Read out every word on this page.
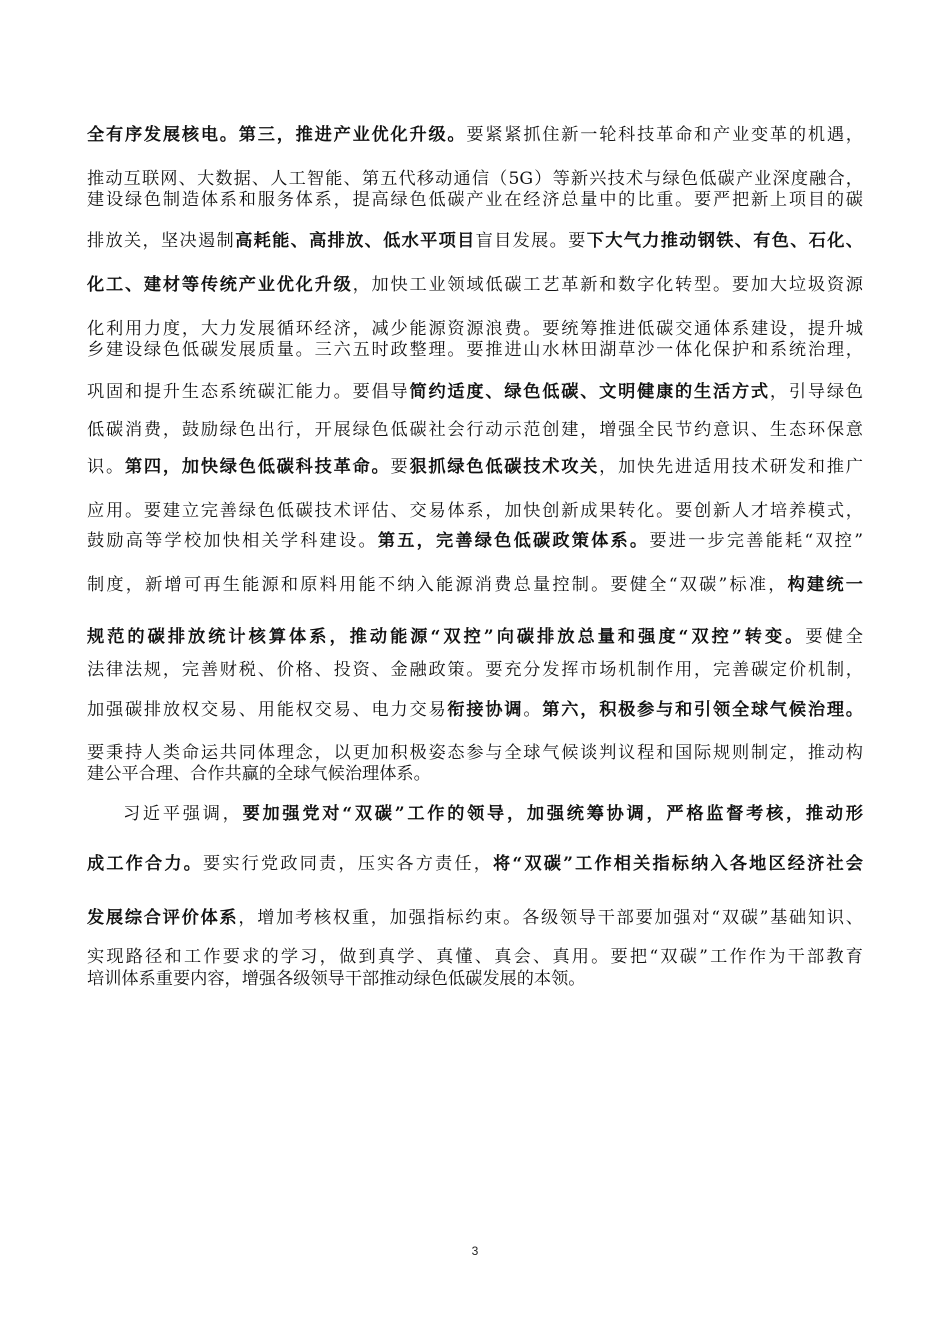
全有序发展核电。第三，推进产业优化升级。要紧紧抓住新一轮科技革命和产业变革的机遇，
推动互联网、大数据、人工智能、第五代移动通信（5G）等新兴技术与绿色低碳产业深度融合，
建设绿色制造体系和服务体系，提高绿色低碳产业在经济总量中的比重。要严把新上项目的碳
排放关，坚决遏制高耗能、高排放、低水平项目盲目发展。要下大气力推动钢铁、有色、石化、
化工、建材等传统产业优化升级，加快工业领域低碳工艺革新和数字化转型。要加大垃圾资源
化利用力度，大力发展循环经济，减少能源资源浪费。要统筹推进低碳交通体系建设，提升城
乡建设绿色低碳发展质量。三六五时政整理。要推进山水林田湖草沙一体化保护和系统治理，
巩固和提升生态系统碳汇能力。要倡导简约适度、绿色低碳、文明健康的生活方式，引导绿色
低碳消费，鼓励绿色出行，开展绿色低碳社会行动示范创建，增强全民节约意识、生态环保意
识。第四，加快绿色低碳科技革命。要狠抓绿色低碳技术攻关，加快先进适用技术研发和推广
应用。要建立完善绿色低碳技术评估、交易体系，加快创新成果转化。要创新人才培养模式，
鼓励高等学校加快相关学科建设。第五，完善绿色低碳政策体系。要进一步完善能耗“双控”
制度，新增可再生能源和原料用能不纳入能源消费总量控制。要健全“双碳”标准，构建统一
规范的碳排放统计核算体系，推动能源“双控”向碳排放总量和强度“双控”转变。要健全
法律法规，完善财税、价格、投资、金融政策。要充分发挥市场机制作用，完善碳定价机制，
加强碳排放权交易、用能权交易、电力交易衔接协调。第六，积极参与和引领全球气候治理。
要秉持人类命运共同体理念，以更加积极姿态参与全球气候谈判议程和国际规则制定，推动构
建公平合理、合作共赢的全球气候治理体系。
习近平强调，要加强党对“双碳”工作的领导，加强统筹协调，严格监督考核，推动形
成工作合力。要实行党政同责，压实各方责任，将“双碳”工作相关指标纳入各地区经济社会
发展综合评价体系，增加考核权重，加强指标约束。各级领导干部要加强对“双碳”基础知识、
实现路径和工作要求的学习，做到真学、真懂、真会、真用。要把“双碳”工作作为干部教育
培训体系重要内容，增强各级领导干部推动绿色低碳发展的本领。
3
